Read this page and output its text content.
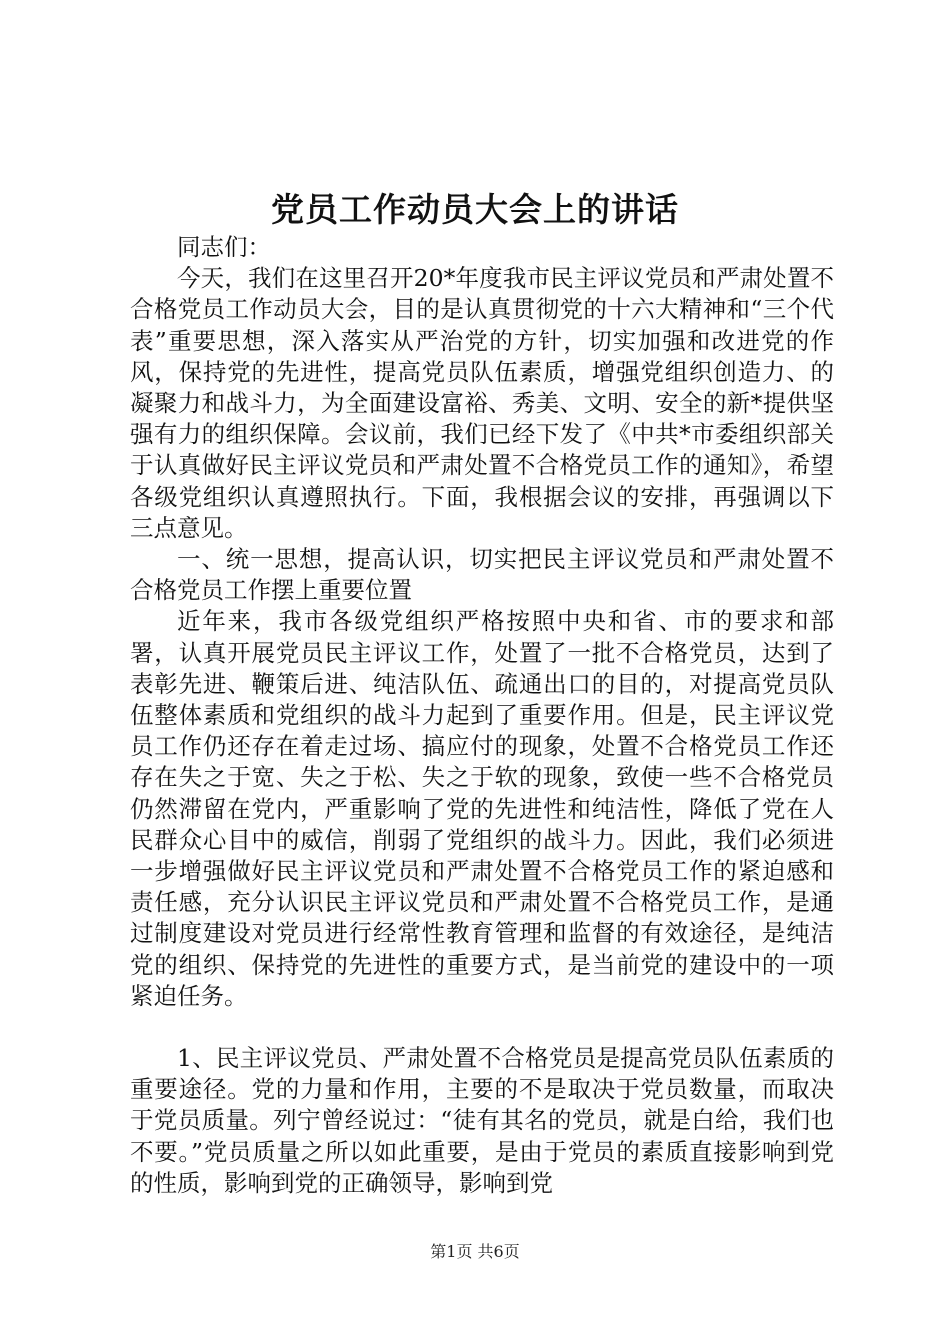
党员工作动员大会上的讲话

同志们：

今天，我们在这里召开20*年度我市民主评议党员和严肃处置不合格党员工作动员大会，目的是认真贯彻党的十六大精神和“三个代表”重要思想，深入落实从严治党的方针，切实加强和改进党的作风，保持党的先进性，提高党员队伍素质，增强党组织创造力、的凝聚力和战斗力，为全面建设富裕、秀美、文明、安全的新*提供坚强有力的组织保障。会议前，我们已经下发了《中共*市委组织部关于认真做好民主评议党员和严肃处置不合格党员工作的通知》，希望各级党组织认真遵照执行。下面，我根据会议的安排，再强调以下三点意见。

一、统一思想，提高认识，切实把民主评议党员和严肃处置不合格党员工作摆上重要位置

近年来，我市各级党组织严格按照中央和省、市的要求和部署，认真开展党员民主评议工作，处置了一批不合格党员，达到了表彰先进、鞭策后进、纯洁队伍、疏通出口的目的，对提高党员队伍整体素质和党组织的战斗力起到了重要作用。但是，民主评议党员工作仍还存在着走过场、搞应付的现象，处置不合格党员工作还存在失之于宽、失之于松、失之于软的现象，致使一些不合格党员仍然滞留在党内，严重影响了党的先进性和纯洁性，降低了党在人民群众心目中的威信，削弱了党组织的战斗力。因此，我们必须进一步增强做好民主评议党员和严肃处置不合格党员工作的紧迫感和责任感，充分认识民主评议党员和严肃处置不合格党员工作，是通过制度建设对党员进行经常性教育管理和监督的有效途径，是纯洁党的组织、保持党的先进性的重要方式，是当前党的建设中的一项紧迫任务。

1、民主评议党员、严肃处置不合格党员是提高党员队伍素质的重要途径。党的力量和作用，主要的不是取决于党员数量，而取决于党员质量。列宁曾经说过：“徒有其名的党员，就是白给，我们也不要。”党员质量之所以如此重要，是由于党员的素质直接影响到党的性质，影响到党的正确领导，影响到党

第1页 共6页
